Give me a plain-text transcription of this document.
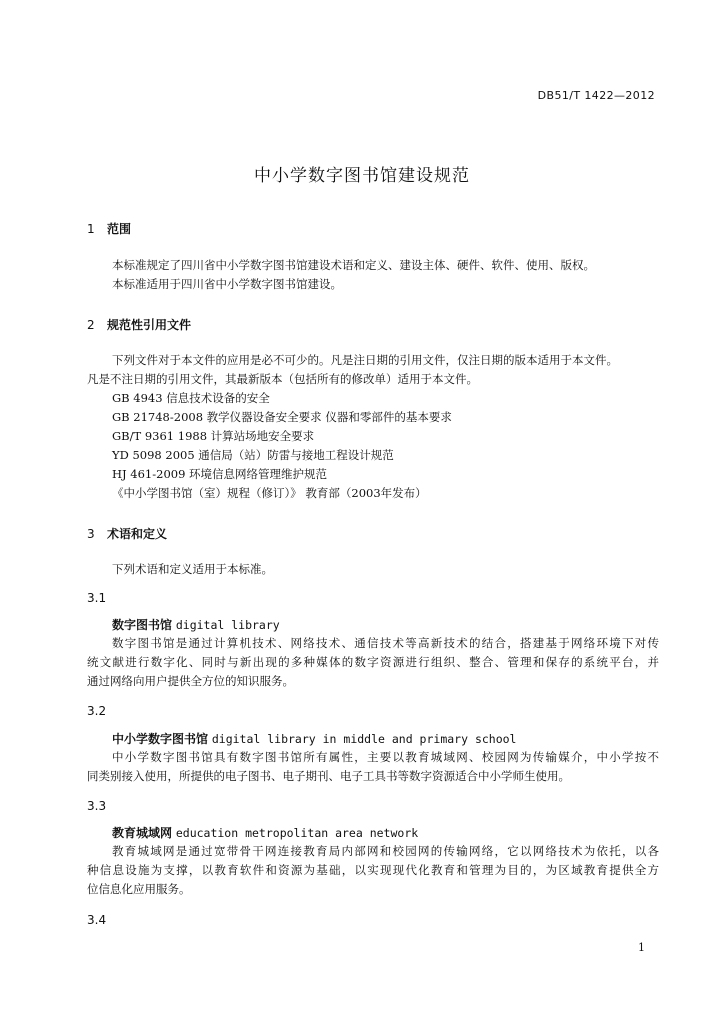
DB51/T 1422—2012
中小学数字图书馆建设规范
1 范围
本标准规定了四川省中小学数字图书馆建设术语和定义、建设主体、硬件、软件、使用、版权。
本标准适用于四川省中小学数字图书馆建设。
2 规范性引用文件
下列文件对于本文件的应用是必不可少的。凡是注日期的引用文件，仅注日期的版本适用于本文件。
凡是不注日期的引用文件，其最新版本（包括所有的修改单）适用于本文件。
GB 4943 信息技术设备的安全
GB 21748-2008 教学仪器设备安全要求 仪器和零部件的基本要求
GB/T 9361 1988 计算站场地安全要求
YD 5098 2005 通信局（站）防雷与接地工程设计规范
HJ 461-2009 环境信息网络管理维护规范
《中小学图书馆（室）规程（修订）》 教育部（2003年发布）
3 术语和定义
下列术语和定义适用于本标准。
3.1
数字图书馆 digital library
数字图书馆是通过计算机技术、网络技术、通信技术等高新技术的结合，搭建基于网络环境下对传
统文献进行数字化、同时与新出现的多种媒体的数字资源进行组织、整合、管理和保存的系统平台，并
通过网络向用户提供全方位的知识服务。
3.2
中小学数字图书馆 digital library in middle and primary school
中小学数字图书馆具有数字图书馆所有属性，主要以教育城域网、校园网为传输媒介，中小学按不
同类别接入使用，所提供的电子图书、电子期刊、电子工具书等数字资源适合中小学师生使用。
3.3
教育城域网 education metropolitan area network
教育城域网是通过宽带骨干网连接教育局内部网和校园网的传输网络，它以网络技术为依托，以各
种信息设施为支撑，以教育软件和资源为基础，以实现现代化教育和管理为目的，为区域教育提供全方
位信息化应用服务。
3.4
1
